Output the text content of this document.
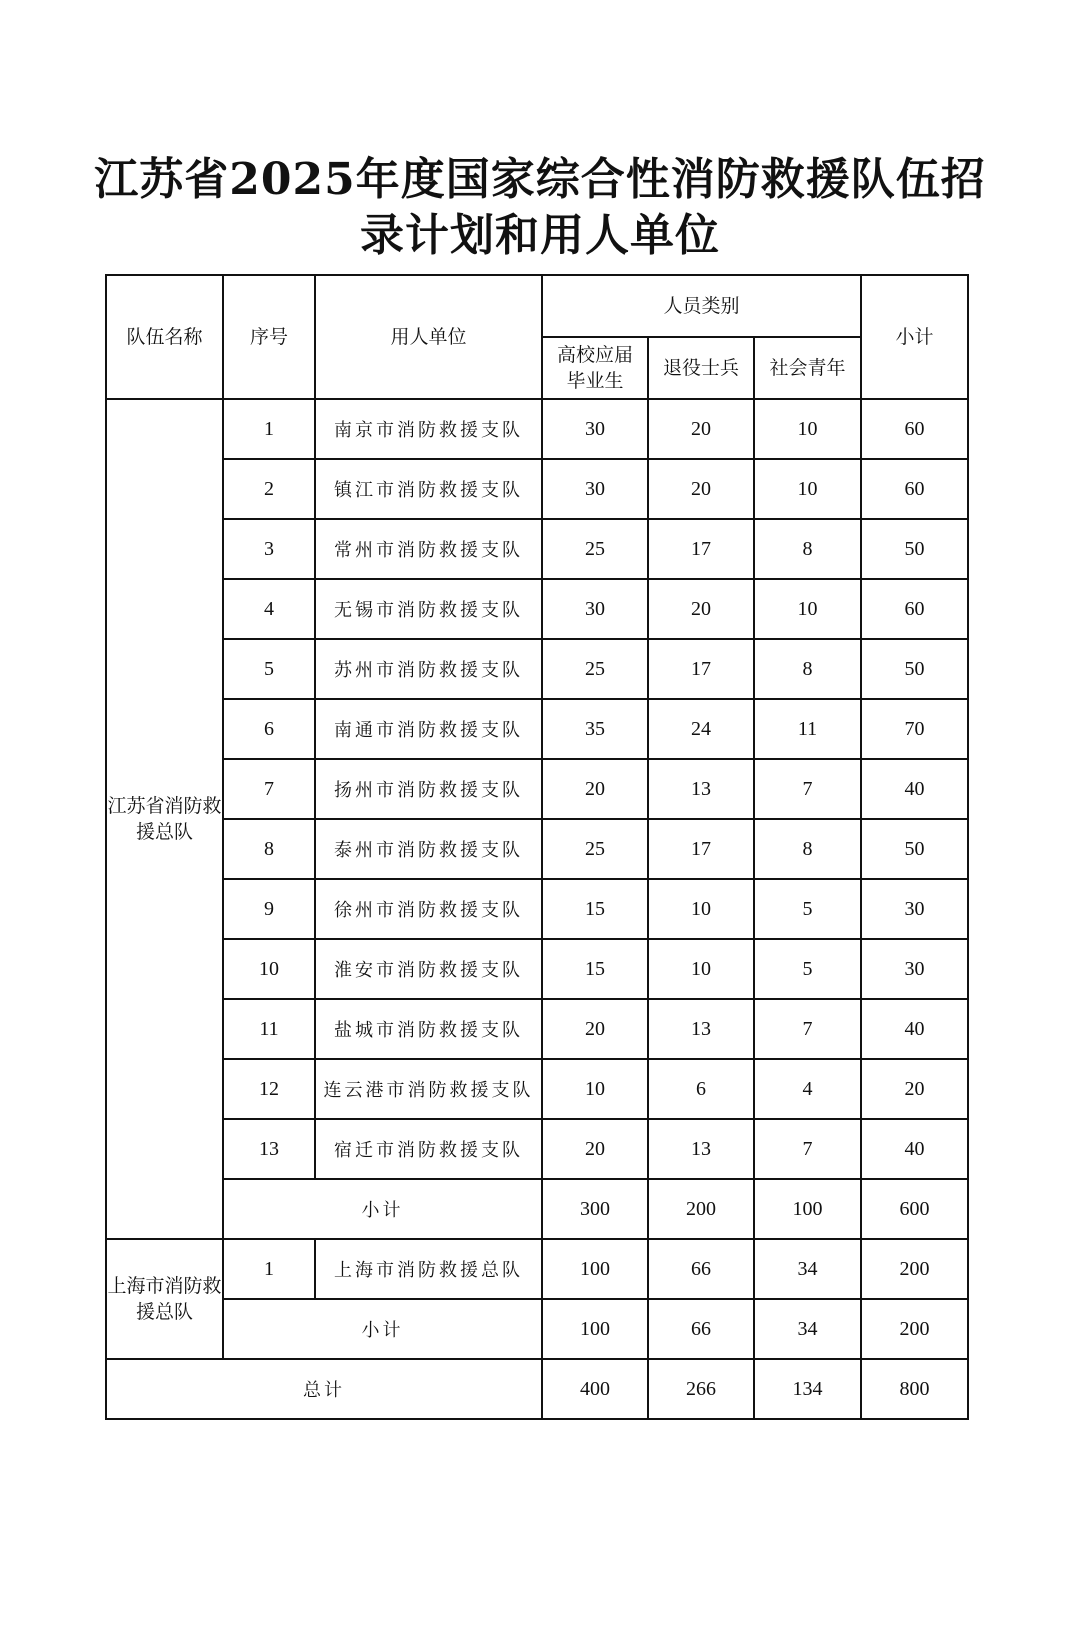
江苏省2025年度国家综合性消防救援队伍招
录计划和用人单位
队伍名称	序号	用人单位	人员类别			小计
			高校应届毕业生	退役士兵	社会青年	
江苏省消防救援总队	1	南京市消防救援支队	30	20	10	60
	2	镇江市消防救援支队	30	20	10	60
	3	常州市消防救援支队	25	17	8	50
	4	无锡市消防救援支队	30	20	10	60
	5	苏州市消防救援支队	25	17	8	50
	6	南通市消防救援支队	35	24	11	70
	7	扬州市消防救援支队	20	13	7	40
	8	泰州市消防救援支队	25	17	8	50
	9	徐州市消防救援支队	15	10	5	30
	10	淮安市消防救援支队	15	10	5	30
	11	盐城市消防救援支队	20	13	7	40
	12	连云港市消防救援支队	10	6	4	20
	13	宿迁市消防救援支队	20	13	7	40
	小计		300	200	100	600
上海市消防救援总队	1	上海市消防救援总队	100	66	34	200
	小计		100	66	34	200
总计			400	266	134	800
